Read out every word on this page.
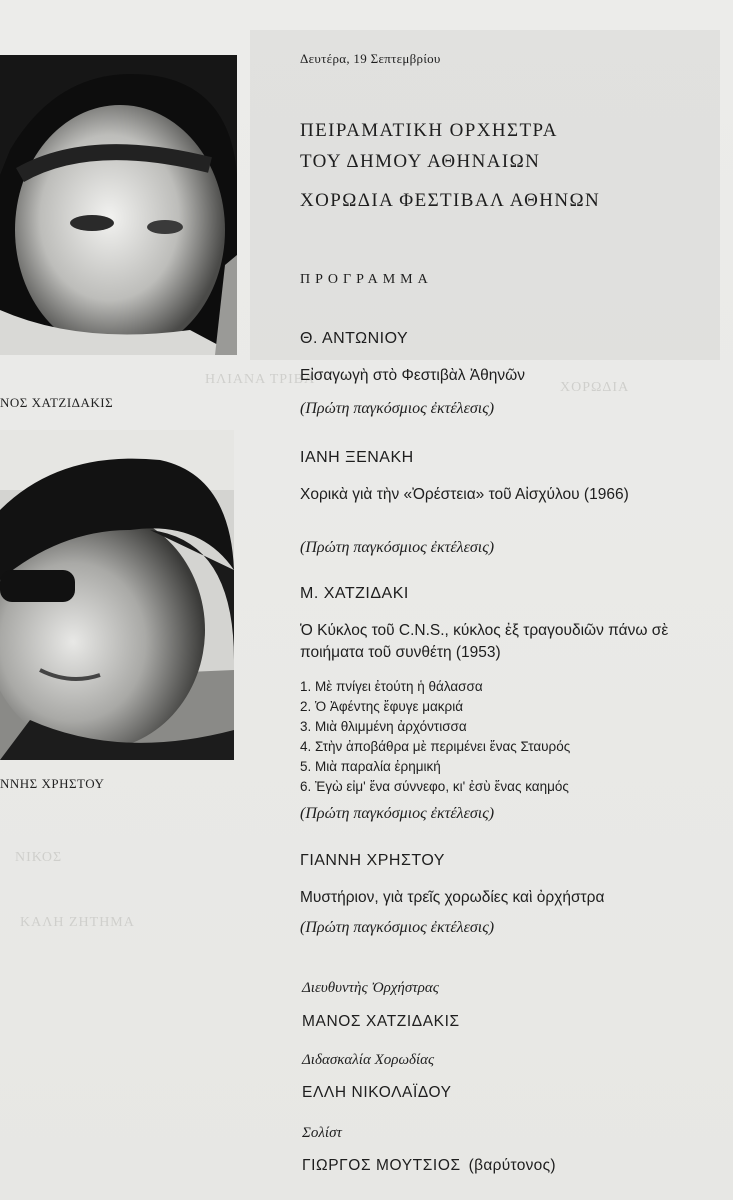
ΗΛΙΑΝΑ ΤΡΙΒΑ
ΧΟΡΩΔΙΑ
ΝΙΚΟΣ
ΚΑΛΗ ΖΗΤΗΜΑ
ΝΟΣ ΧΑΤΖΙΔΑΚΙΣ
ΝΝΗΣ ΧΡΗΣΤΟΥ
Δευτέρα, 19 Σεπτεμβρίου
ΠΕΙΡΑΜΑΤΙΚΗ ΟΡΧΗΣΤΡΑ
ΤΟΥ ΔΗΜΟΥ ΑΘΗΝΑΙΩΝ
ΧΟΡΩΔΙΑ ΦΕΣΤΙΒΑΛ ΑΘΗΝΩΝ
ΠΡΟΓΡΑΜΜΑ
Θ. ΑΝΤΩΝΙΟΥ
Εἰσαγωγὴ στὸ Φεστιβὰλ Ἀθηνῶν
(Πρώτη παγκόσμιος ἐκτέλεσις)
ΙΑΝΗ ΞΕΝΑΚΗ
Χορικὰ γιὰ τὴν «Ὀρέστεια» τοῦ Αἰσχύλου (1966)
(Πρώτη παγκόσμιος ἐκτέλεσις)
Μ. ΧΑΤΖΙΔΑΚΙ
Ὁ Κύκλος τοῦ C.N.S., κύκλος ἐξ τραγουδιῶν πάνω σὲ ποιήματα τοῦ συνθέτη (1953)
1. Μὲ πνίγει ἐτούτη ἡ θάλασσα
2. Ὁ Ἀφέντης ἔφυγε μακριά
3. Μιὰ θλιμμένη ἀρχόντισσα
4. Στὴν ἀποβάθρα μὲ περιμένει ἕνας Σταυρός
5. Μιὰ παραλία ἐρημική
6. Ἐγὼ εἰμ' ἕνα σύννεφο, κι' ἐσὺ ἕνας καημός
(Πρώτη παγκόσμιος ἐκτέλεσις)
ΓΙΑΝΝΗ ΧΡΗΣΤΟΥ
Μυστήριον, γιὰ τρεῖς χορωδίες καὶ ὀρχήστρα
(Πρώτη παγκόσμιος ἐκτέλεσις)
Διευθυντὴς Ὀρχήστρας
ΜΑΝΟΣ ΧΑΤΖΙΔΑΚΙΣ
Διδασκαλία Χορωδίας
ΕΛΛΗ ΝΙΚΟΛΑΪΔΟΥ
Σολίστ
ΓΙΩΡΓΟΣ ΜΟΥΤΣΙΟΣ (βαρύτονος)
